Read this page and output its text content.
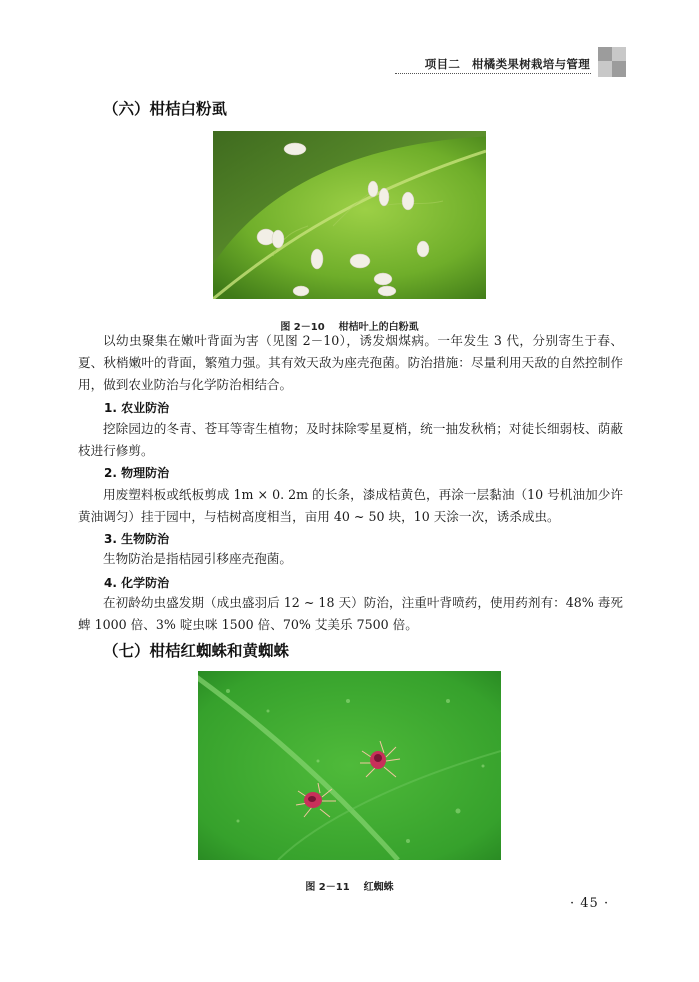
项目二　柑橘类果树栽培与管理
（六）柑桔白粉虱
图 2－10 柑桔叶上的白粉虱

以幼虫聚集在嫩叶背面为害（见图 2－10），诱发烟煤病。一年发生 3 代，分别寄生于春、夏、秋梢嫩叶的背面，繁殖力强。其有效天敌为座壳孢菌。防治措施：尽量利用天敌的自然控制作用，做到农业防治与化学防治相结合。

1. 农业防治

挖除园边的冬青、苍耳等寄生植物；及时抹除零星夏梢，统一抽发秋梢；对徒长细弱枝、荫蔽枝进行修剪。

2. 物理防治

用废塑料板或纸板剪成 1m × 0. 2m 的长条，漆成桔黄色，再涂一层黏油（10 号机油加少许黄油调匀）挂于园中，与桔树高度相当，亩用 40 ~ 50 块，10 天涂一次，诱杀成虫。

3. 生物防治

生物防治是指桔园引移座壳孢菌。

4. 化学防治

在初龄幼虫盛发期（成虫盛羽后 12 ~ 18 天）防治，注重叶背喷药，使用药剂有：48% 毒死蜱 1000 倍、3% 啶虫咪 1500 倍、70% 艾美乐 7500 倍。

（七）柑桔红蜘蛛和黄蜘蛛
图 2－11 红蜘蛛
· 45 ·
